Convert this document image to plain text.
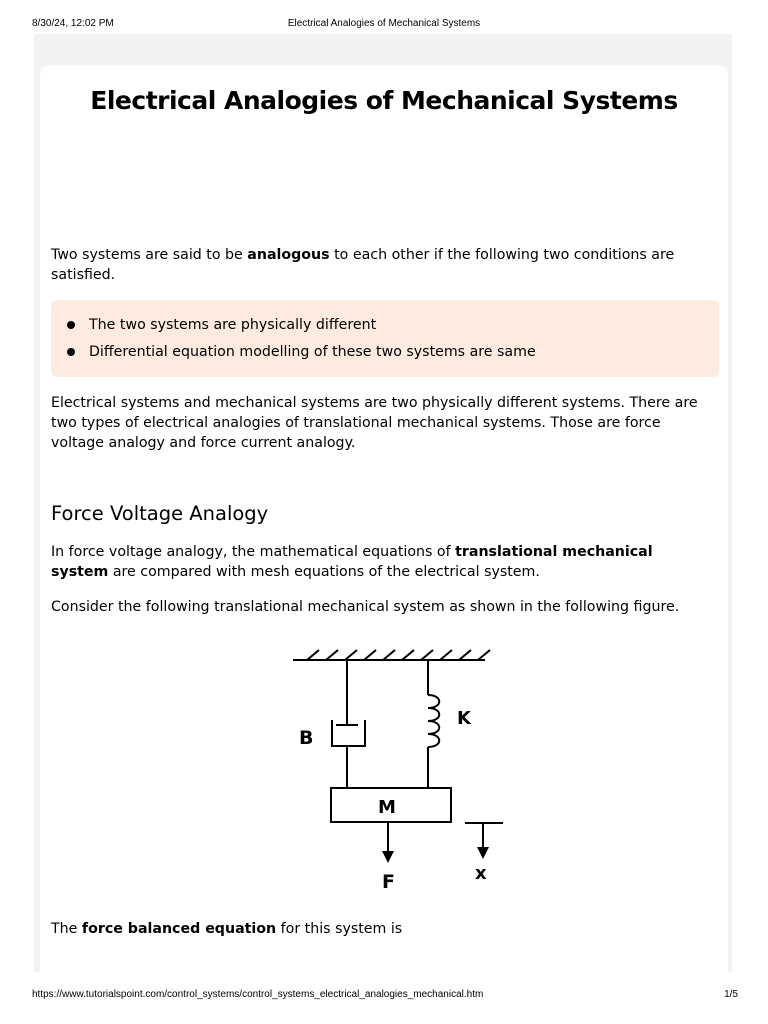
8/30/24, 12:02 PM	Electrical Analogies of Mechanical Systems
Electrical Analogies of Mechanical Systems

Two systems are said to be analogous to each other if the following two conditions are satisfied.

The two systems are physically different
Differential equation modelling of these two systems are same

Electrical systems and mechanical systems are two physically different systems. There are two types of electrical analogies of translational mechanical systems. Those are force voltage analogy and force current analogy.

Force Voltage Analogy

In force voltage analogy, the mathematical equations of translational mechanical system are compared with mesh equations of the electrical system.

Consider the following translational mechanical system as shown in the following figure.

B
K
M
F	x

The force balanced equation for this system is

https://www.tutorialspoint.com/control_systems/control_systems_electrical_analogies_mechanical.htm	1/5
